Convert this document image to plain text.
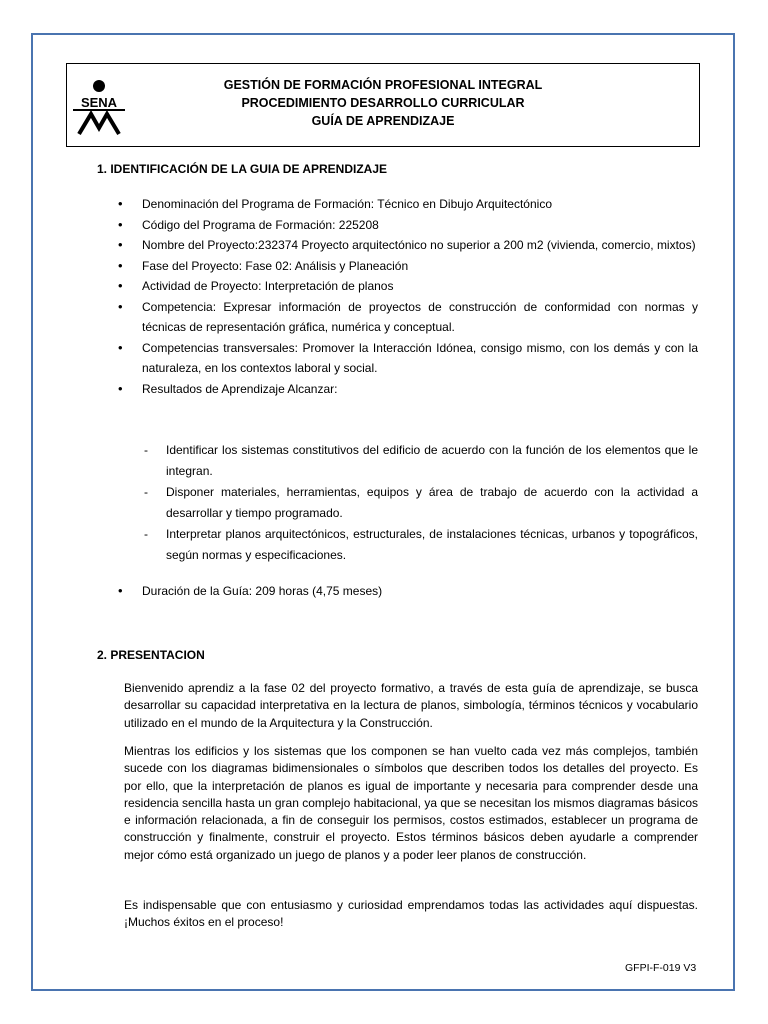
SENA
GESTIÓN DE FORMACIÓN PROFESIONAL INTEGRAL
PROCEDIMIENTO DESARROLLO CURRICULAR
GUÍA DE APRENDIZAJE
1. IDENTIFICACIÓN DE LA GUIA DE APRENDIZAJE
• Denominación del Programa de Formación: Técnico en Dibujo Arquitectónico
• Código del Programa de Formación: 225208
• Nombre del Proyecto:232374 Proyecto arquitectónico no superior a 200 m2 (vivienda, comercio, mixtos)
• Fase del Proyecto: Fase 02: Análisis y Planeación
• Actividad de Proyecto: Interpretación de planos
• Competencia: Expresar información de proyectos de construcción de conformidad con normas y técnicas de representación gráfica, numérica y conceptual.
• Competencias transversales: Promover la Interacción Idónea, consigo mismo, con los demás y con la naturaleza, en los contextos laboral y social.
• Resultados de Aprendizaje Alcanzar:
- Identificar los sistemas constitutivos del edificio de acuerdo con la función de los elementos que le integran.
- Disponer materiales, herramientas, equipos y área de trabajo de acuerdo con la actividad a desarrollar y tiempo programado.
- Interpretar planos arquitectónicos, estructurales, de instalaciones técnicas, urbanos y topográficos, según normas y especificaciones.
• Duración de la Guía: 209 horas (4,75 meses)
2. PRESENTACION
Bienvenido aprendiz a la fase 02 del proyecto formativo, a través de esta guía de aprendizaje, se busca desarrollar su capacidad interpretativa en la lectura de planos, simbología, términos técnicos y vocabulario utilizado en el mundo de la Arquitectura y la Construcción.
Mientras los edificios y los sistemas que los componen se han vuelto cada vez más complejos, también sucede con los diagramas bidimensionales o símbolos que describen todos los detalles del proyecto. Es por ello, que la interpretación de planos es igual de importante y necesaria para comprender desde una residencia sencilla hasta un gran complejo habitacional, ya que se necesitan los mismos diagramas básicos e información relacionada, a fin de conseguir los permisos, costos estimados, establecer un programa de construcción y finalmente, construir el proyecto. Estos términos básicos deben ayudarle a comprender mejor cómo está organizado un juego de planos y a poder leer planos de construcción.
Es indispensable que con entusiasmo y curiosidad emprendamos todas las actividades aquí dispuestas. ¡Muchos éxitos en el proceso!
GFPI-F-019 V3
